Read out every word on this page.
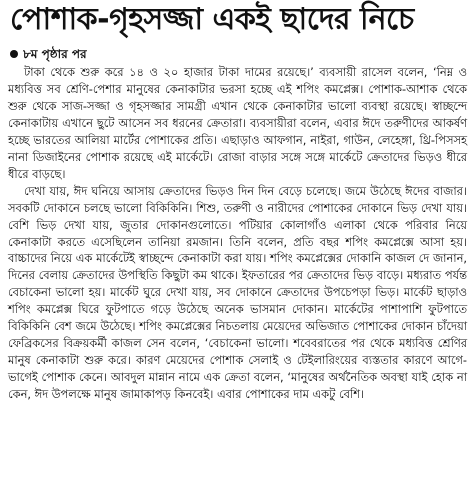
পোশাক-গৃহসজ্জা একই ছাদের নিচে
৮ম পৃষ্ঠার পর

টাকা থেকে শুরু করে ১৪ ও ২০ হাজার টাকা দামের রয়েছে।’ ব্যবসায়ী রাসেল বলেন, ‘নিম্ন ও মধ্যবিত্ত সব শ্রেণি-পেশার মানুষের কেনাকাটার ভরসা হচ্ছে এই শপিং কমপ্লেক্স। পোশাক-আশাক থেকে শুরু থেকে সাজ-সজ্জা ও গৃহসজ্জার সামগ্রী এখান থেকে কেনাকাটার ভালো ব্যবস্থা রয়েছে। স্বাচ্ছন্দে কেনাকাটায় এখানে ছুটে আসেন সব ধরনের ক্রেতারা। ব্যবসায়ীরা বলেন, এবার ঈদে তরুণীদের আকর্ষণ হচ্ছে ভারতের আলিয়া মার্টের পোশাকের প্রতি। এছাড়াও আফগান, নাইরা, গাউন, লেহেঙ্গা, থ্রি-পিসসহ নানা ডিজাইনের পোশাক রয়েছে এই মার্কেটে। রোজা বাড়ার সঙ্গে সঙ্গে মার্কেটে ক্রেতাদের ভিড়ও ধীরে ধীরে বাড়ছে।

দেখা যায়, ঈদ ঘনিয়ে আসায় ক্রেতাদের ভিড়ও দিন দিন বেড়ে চলেছে। জমে উঠেছে ঈদের বাজার। সবকটি দোকানে চলছে ভালো বিকিকিনি। শিশু, তরুণী ও নারীদের পোশাকের দোকানে ভিড় দেখা যায়। বেশি ভিড় দেখা যায়, জুতার দোকানগুলোতে। পটিয়ার কোলাগাঁও এলাকা থেকে পরিবার নিয়ে কেনাকাটা করতে এসেছিলেন তানিয়া রমজান। তিনি বলেন, প্রতি বছর শপিং কমপ্লেক্সে আসা হয়। বাচ্চাদের নিয়ে এক মার্কেটেই স্বাচ্ছন্দে কেনাকাটা করা যায়। শপিং কমপ্লেক্সের দোকানি কাজল দে জানান, দিনের বেলায় ক্রেতাদের উপস্থিতি কিছুটা কম থাকে। ইফতারের পর ক্রেতাদের ভিড় বাড়ে। মধ্যরাত পর্যন্ত বেচাকেনা ভালো হয়। মার্কেট ঘুরে দেখা যায়, সব দোকানে ক্রেতাদের উপচেপড়া ভিড়। মার্কেট ছাড়াও শপিং কমপ্লেক্স ঘিরে ফুটপাতে গড়ে উঠেছে অনেক ভাসমান দোকান। মার্কেটের পাশাপাশি ফুটপাতে বিকিকিনি বেশ জমে উঠেছে। শপিং কমপ্লেক্সের নিচতলায় মেয়েদের অভিজাত পোশাকের দোকান চাঁদেয়া ফেব্রিকসের বিক্রয়কর্মী কাজল সেন বলেন, ‘বেচাকেনা ভালো। শবেবরাতের পর থেকে মধ্যবিত্ত শ্রেণির মানুষ কেনাকাটা শুরু করে। কারণ মেয়েদের পোশাক সেলাই ও টেইলারিংয়ের ব্যস্ততার কারণে আগে-ভাগেই পোশাক কেনে। আবদুল মান্নান নামে এক ক্রেতা বলেন, ‘মানুষের অর্থনৈতিক অবস্থা যাই হোক না কেন, ঈদ উপলক্ষে মানুষ জামাকাপড় কিনবেই। এবার পোশাকের দাম একটু বেশি।
